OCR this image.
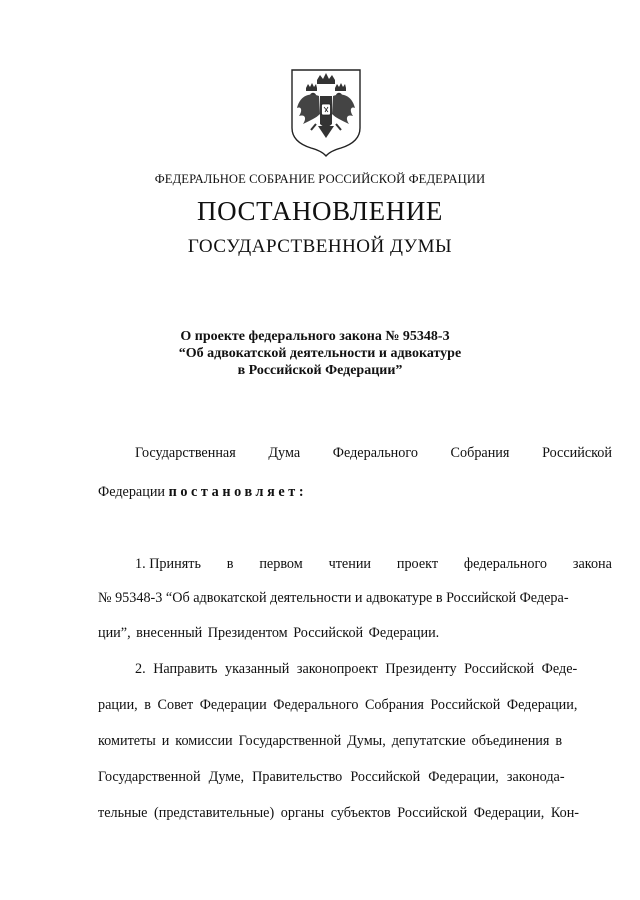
ФЕДЕРАЛЬНОЕ СОБРАНИЕ РОССИЙСКОЙ ФЕДЕРАЦИИ
ПОСТАНОВЛЕНИЕ
ГОСУДАРСТВЕННОЙ ДУМЫ
О проекте федерального закона № 95348-3
“Об адвокатской деятельности и адвокатуре
в Российской Федерации”
Государственная Дума Федерального Собрания Российской
Федерации постановляет:
1. Принять в первом чтении проект федерального закона
№ 95348-3 “Об адвокатской деятельности и адвокатуре в Российской Федера-
ции”, внесенный Президентом Российской Федерации.
2. Направить указанный законопроект Президенту Российской Феде-
рации, в Совет Федерации Федерального Собрания Российской Федерации,
комитеты и комиссии Государственной Думы, депутатские объединения в
Государственной Думе, Правительство Российской Федерации, законода-
тельные (представительные) органы субъектов Российской Федерации, Кон-
